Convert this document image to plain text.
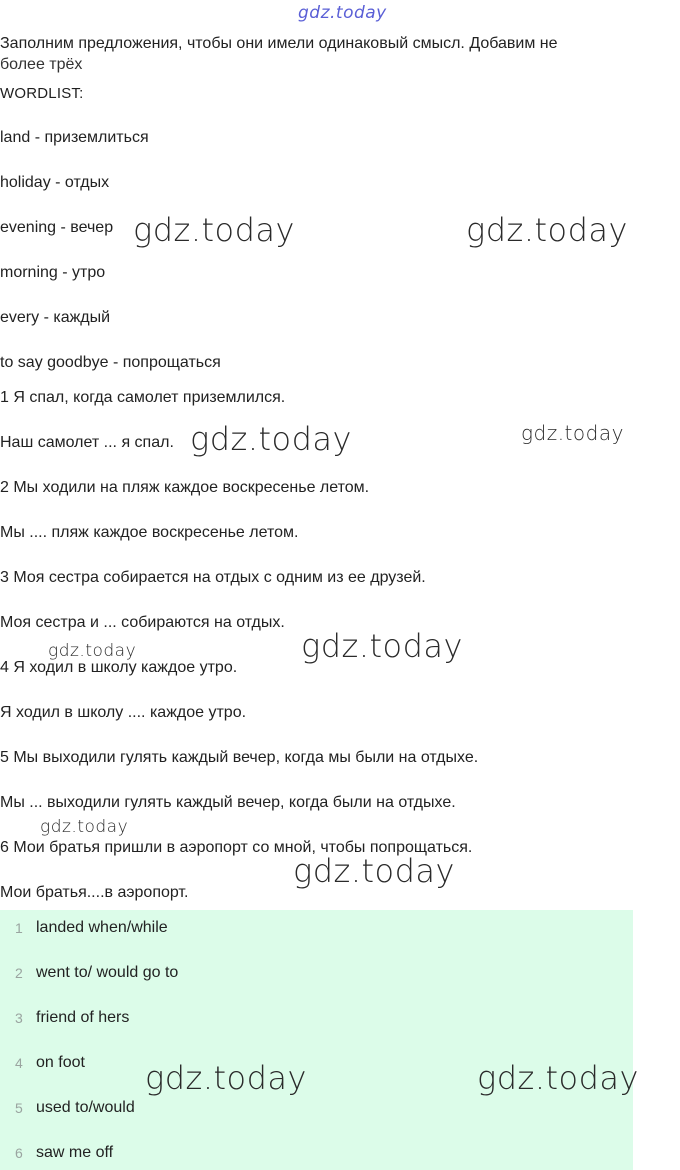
gdz.today
Заполним предложения, чтобы они имели одинаковый смысл. Добавим не
более трёх
WORDLIST:
land - приземлиться
holiday - отдых
evening - вечер
morning - утро
every - каждый
to say goodbye - попрощаться
1 Я спал, когда самолет приземлился.
Наш самолет ... я спал.
2 Мы ходили на пляж каждое воскресенье летом.
Мы .... пляж каждое воскресенье летом.
3 Моя сестра собирается на отдых с одним из ее друзей.
Моя сестра и ... собираются на отдых.
4 Я ходил в школу каждое утро.
Я ходил в школу .... каждое утро.
5 Мы выходили гулять каждый вечер, когда мы были на отдыхе.
Мы ... выходили гулять каждый вечер, когда были на отдыхе.
6 Мои братья пришли в аэропорт со мной, чтобы попрощаться.
Мои братья....в аэропорт.
1 landed when/while
2 went to/ would go to
3 friend of hers
4 on foot
5 used to/would
6 saw me off
gdz.today	gdz.today
gdz.today	gdz.today
gdz.today	gdz.today
gdz.today
gdz.today
gdz.today	gdz.today
